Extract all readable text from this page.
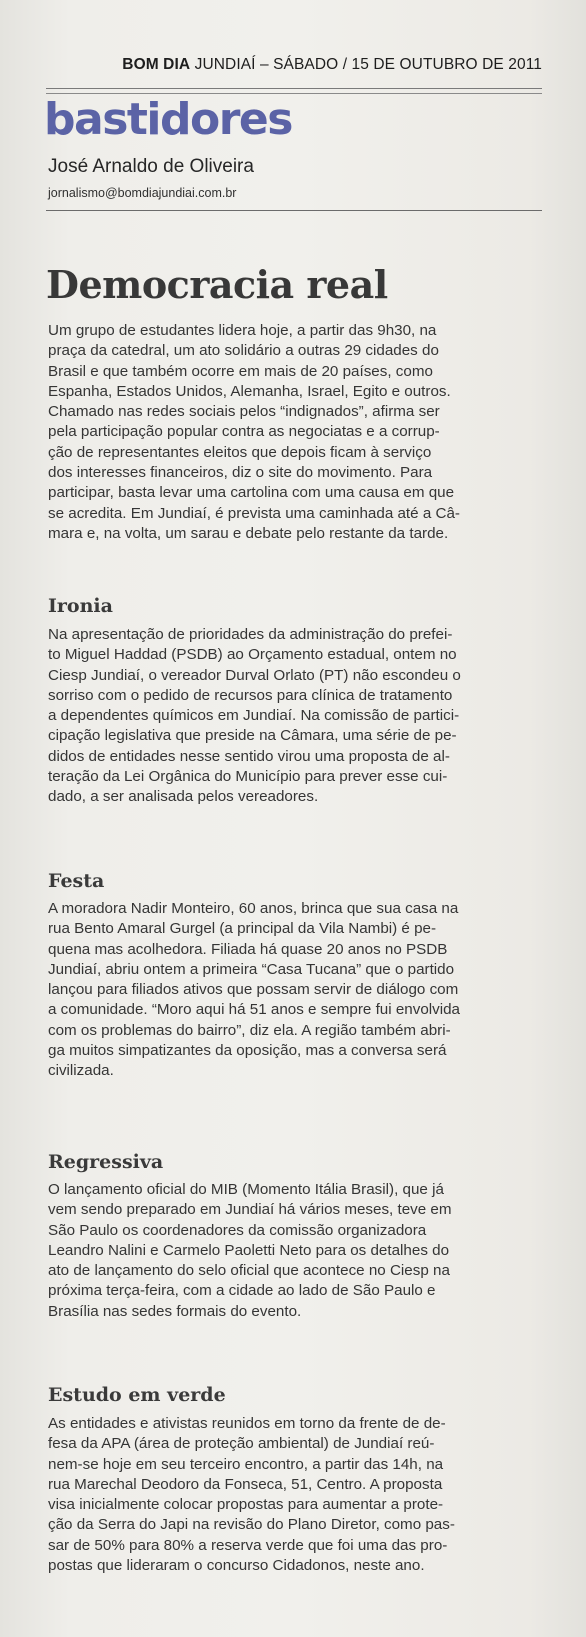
BOM DIA JUNDIAÍ – SÁBADO / 15 DE OUTUBRO DE 2011
bastidores
José Arnaldo de Oliveira
jornalismo@bomdiajundiai.com.br
Democracia real
Um grupo de estudantes lidera hoje, a partir das 9h30, na
praça da catedral, um ato solidário a outras 29 cidades do
Brasil e que também ocorre em mais de 20 países, como
Espanha, Estados Unidos, Alemanha, Israel, Egito e outros.
Chamado nas redes sociais pelos “indignados”, afirma ser
pela participação popular contra as negociatas e a corrup-
ção de representantes eleitos que depois ficam à serviço
dos interesses financeiros, diz o site do movimento. Para
participar, basta levar uma cartolina com uma causa em que
se acredita. Em Jundiaí, é prevista uma caminhada até a Câ-
mara e, na volta, um sarau e debate pelo restante da tarde.
Ironia
Na apresentação de prioridades da administração do prefei-
to Miguel Haddad (PSDB) ao Orçamento estadual, ontem no
Ciesp Jundiaí, o vereador Durval Orlato (PT) não escondeu o
sorriso com o pedido de recursos para clínica de tratamento
a dependentes químicos em Jundiaí. Na comissão de partici-
cipação legislativa que preside na Câmara, uma série de pe-
didos de entidades nesse sentido virou uma proposta de al-
teração da Lei Orgânica do Município para prever esse cui-
dado, a ser analisada pelos vereadores.
Festa
A moradora Nadir Monteiro, 60 anos, brinca que sua casa na
rua Bento Amaral Gurgel (a principal da Vila Nambi) é pe-
quena mas acolhedora. Filiada há quase 20 anos no PSDB
Jundiaí, abriu ontem a primeira “Casa Tucana” que o partido
lançou para filiados ativos que possam servir de diálogo com
a comunidade. “Moro aqui há 51 anos e sempre fui envolvida
com os problemas do bairro”, diz ela. A região também abri-
ga muitos simpatizantes da oposição, mas a conversa será
civilizada.
Regressiva
O lançamento oficial do MIB (Momento Itália Brasil), que já
vem sendo preparado em Jundiaí há vários meses, teve em
São Paulo os coordenadores da comissão organizadora
Leandro Nalini e Carmelo Paoletti Neto para os detalhes do
ato de lançamento do selo oficial que acontece no Ciesp na
próxima terça-feira, com a cidade ao lado de São Paulo e
Brasília nas sedes formais do evento.
Estudo em verde
As entidades e ativistas reunidos em torno da frente de de-
fesa da APA (área de proteção ambiental) de Jundiaí reú-
nem-se hoje em seu terceiro encontro, a partir das 14h, na
rua Marechal Deodoro da Fonseca, 51, Centro. A proposta
visa inicialmente colocar propostas para aumentar a prote-
ção da Serra do Japi na revisão do Plano Diretor, como pas-
sar de 50% para 80% a reserva verde que foi uma das pro-
postas que lideraram o concurso Cidadonos, neste ano.
